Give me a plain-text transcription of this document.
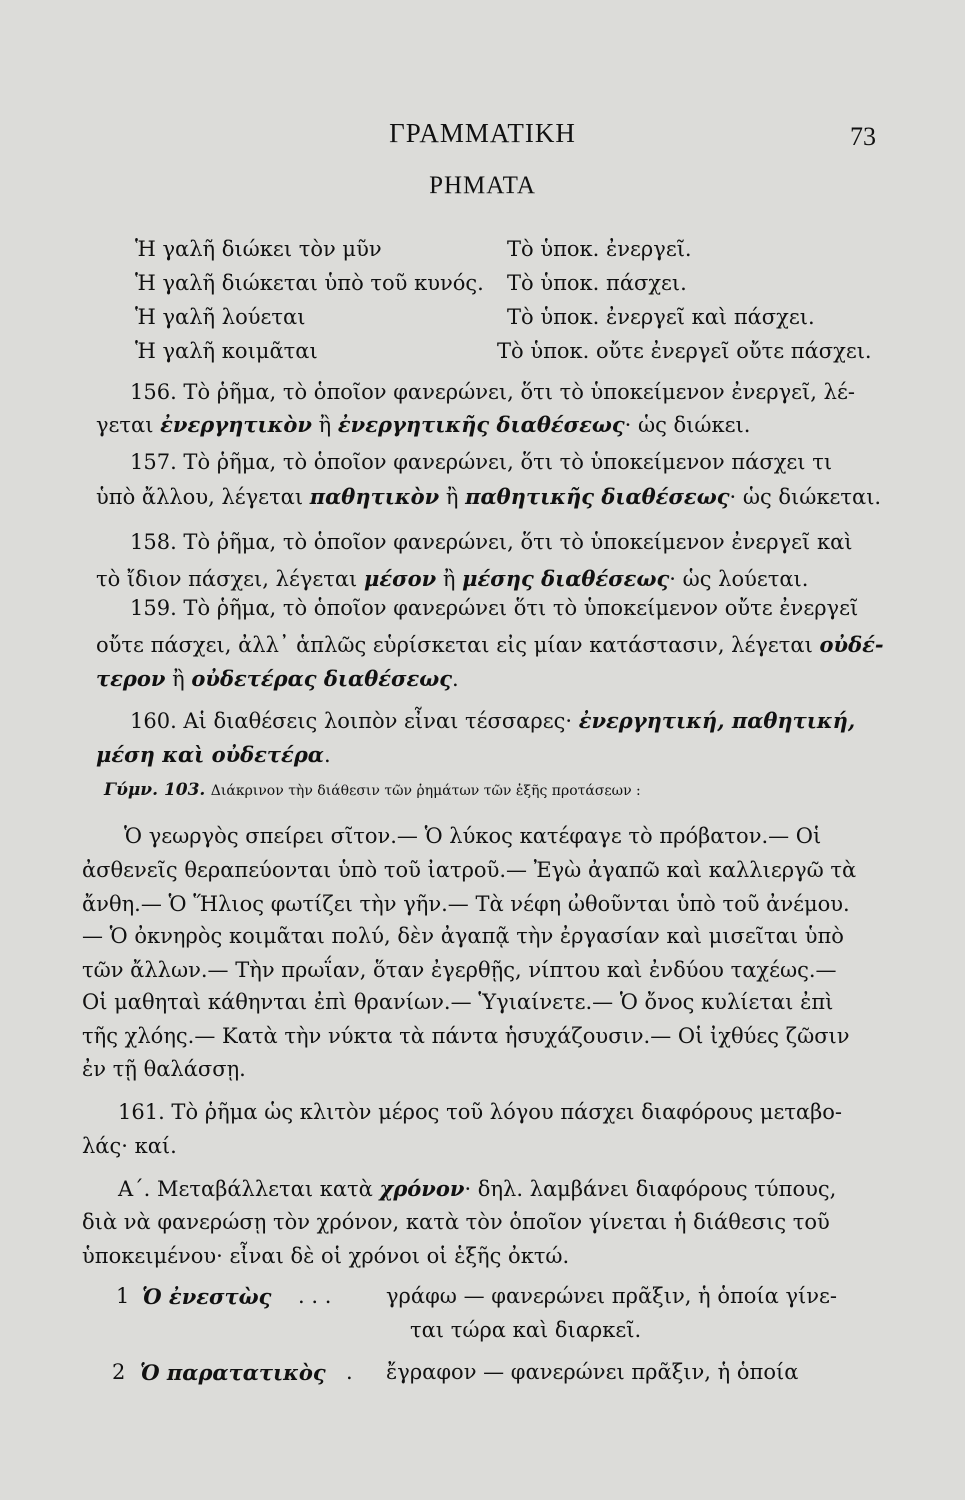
ΓΡΑΜΜΑΤΙΚΗ	73
ΡΗΜΑΤΑ
Ἡ γαλῆ διώκει τὸν μῦν	Τὸ ὑποκ. ἐνεργεῖ.
Ἡ γαλῆ διώκεται ὑπὸ τοῦ κυνός. Τὸ ὑποκ. πάσχει.
Ἡ γαλῆ λούεται	Τὸ ὑποκ. ἐνεργεῖ καὶ πάσχει.
Ἡ γαλῆ κοιμᾶται	Τὸ ὑποκ. οὔτε ἐνεργεῖ οὔτε πάσχει.
156. Τὸ ῥῆμα, τὸ ὁποῖον φανερώνει, ὅτι τὸ ὑποκείμενον ἐνεργεῖ, λέ-
γεται ἐνεργητικὸν ἢ ἐνεργητικῆς διαθέσεως· ὡς διώκει.
157. Τὸ ῥῆμα, τὸ ὁποῖον φανερώνει, ὅτι τὸ ὑποκείμενον πάσχει τι
ὑπὸ ἄλλου, λέγεται παθητικὸν ἢ παθητικῆς διαθέσεως· ὡς διώκεται.
158. Τὸ ῥῆμα, τὸ ὁποῖον φανερώνει, ὅτι τὸ ὑποκείμενον ἐνεργεῖ καὶ
τὸ ἴδιον πάσχει, λέγεται μέσον ἢ μέσης διαθέσεως· ὡς λούεται.
159. Τὸ ῥῆμα, τὸ ὁποῖον φανερώνει ὅτι τὸ ὑποκείμενον οὔτε ἐνεργεῖ
οὔτε πάσχει, ἀλλ᾽ ἁπλῶς εὑρίσκεται εἰς μίαν κατάστασιν, λέγεται οὐδέ-
τερον ἢ οὐδετέρας διαθέσεως.
160. Αἱ διαθέσεις λοιπὸν εἶναι τέσσαρες· ἐνεργητική, παθητική,
μέση καὶ οὐδετέρα.
Γύμν. 103. Διάκρινον τὴν διάθεσιν τῶν ῥημάτων τῶν ἑξῆς προτάσεων :
Ὁ γεωργὸς σπείρει σῖτον.— Ὁ λύκος κατέφαγε τὸ πρόβατον.— Οἱ
ἀσθενεῖς θεραπεύονται ὑπὸ τοῦ ἰατροῦ.— Ἐγὼ ἀγαπῶ καὶ καλλιεργῶ τὰ
ἄνθη.— Ὁ Ἥλιος φωτίζει τὴν γῆν.— Τὰ νέφη ὠθοῦνται ὑπὸ τοῦ ἀνέμου.
— Ὁ ὀκνηρὸς κοιμᾶται πολύ, δὲν ἀγαπᾷ τὴν ἐργασίαν καὶ μισεῖται ὑπὸ
τῶν ἄλλων.— Τὴν πρωΐαν, ὅταν ἐγερθῇς, νίπτου καὶ ἐνδύου ταχέως.—
Οἱ μαθηταὶ κάθηνται ἐπὶ θρανίων.— Ὑγιαίνετε.— Ὁ ὄνος κυλίεται ἐπὶ
τῆς χλόης.— Κατὰ τὴν νύκτα τὰ πάντα ἡσυχάζουσιν.— Οἱ ἰχθύες ζῶσιν
ἐν τῇ θαλάσσῃ.
161. Τὸ ῥῆμα ὡς κλιτὸν μέρος τοῦ λόγου πάσχει διαφόρους μεταβο-
λάς· καί.
Α΄. Μεταβάλλεται κατὰ χρόνον· δηλ. λαμβάνει διαφόρους τύπους,
διὰ νὰ φανερώσῃ τὸν χρόνον, κατὰ τὸν ὁποῖον γίνεται ἡ διάθεσις τοῦ
ὑποκειμένου· εἶναι δὲ οἱ χρόνοι οἱ ἑξῆς ὀκτώ.
1 Ὁ ἐνεστὼς . . .	γράφω — φανερώνει πρᾶξιν, ἡ ὁποία γίνε-
ται τώρα καὶ διαρκεῖ.
2 Ὁ παρατατικὸς . ἔγραφον — φανερώνει πρᾶξιν, ἡ ὁποία
